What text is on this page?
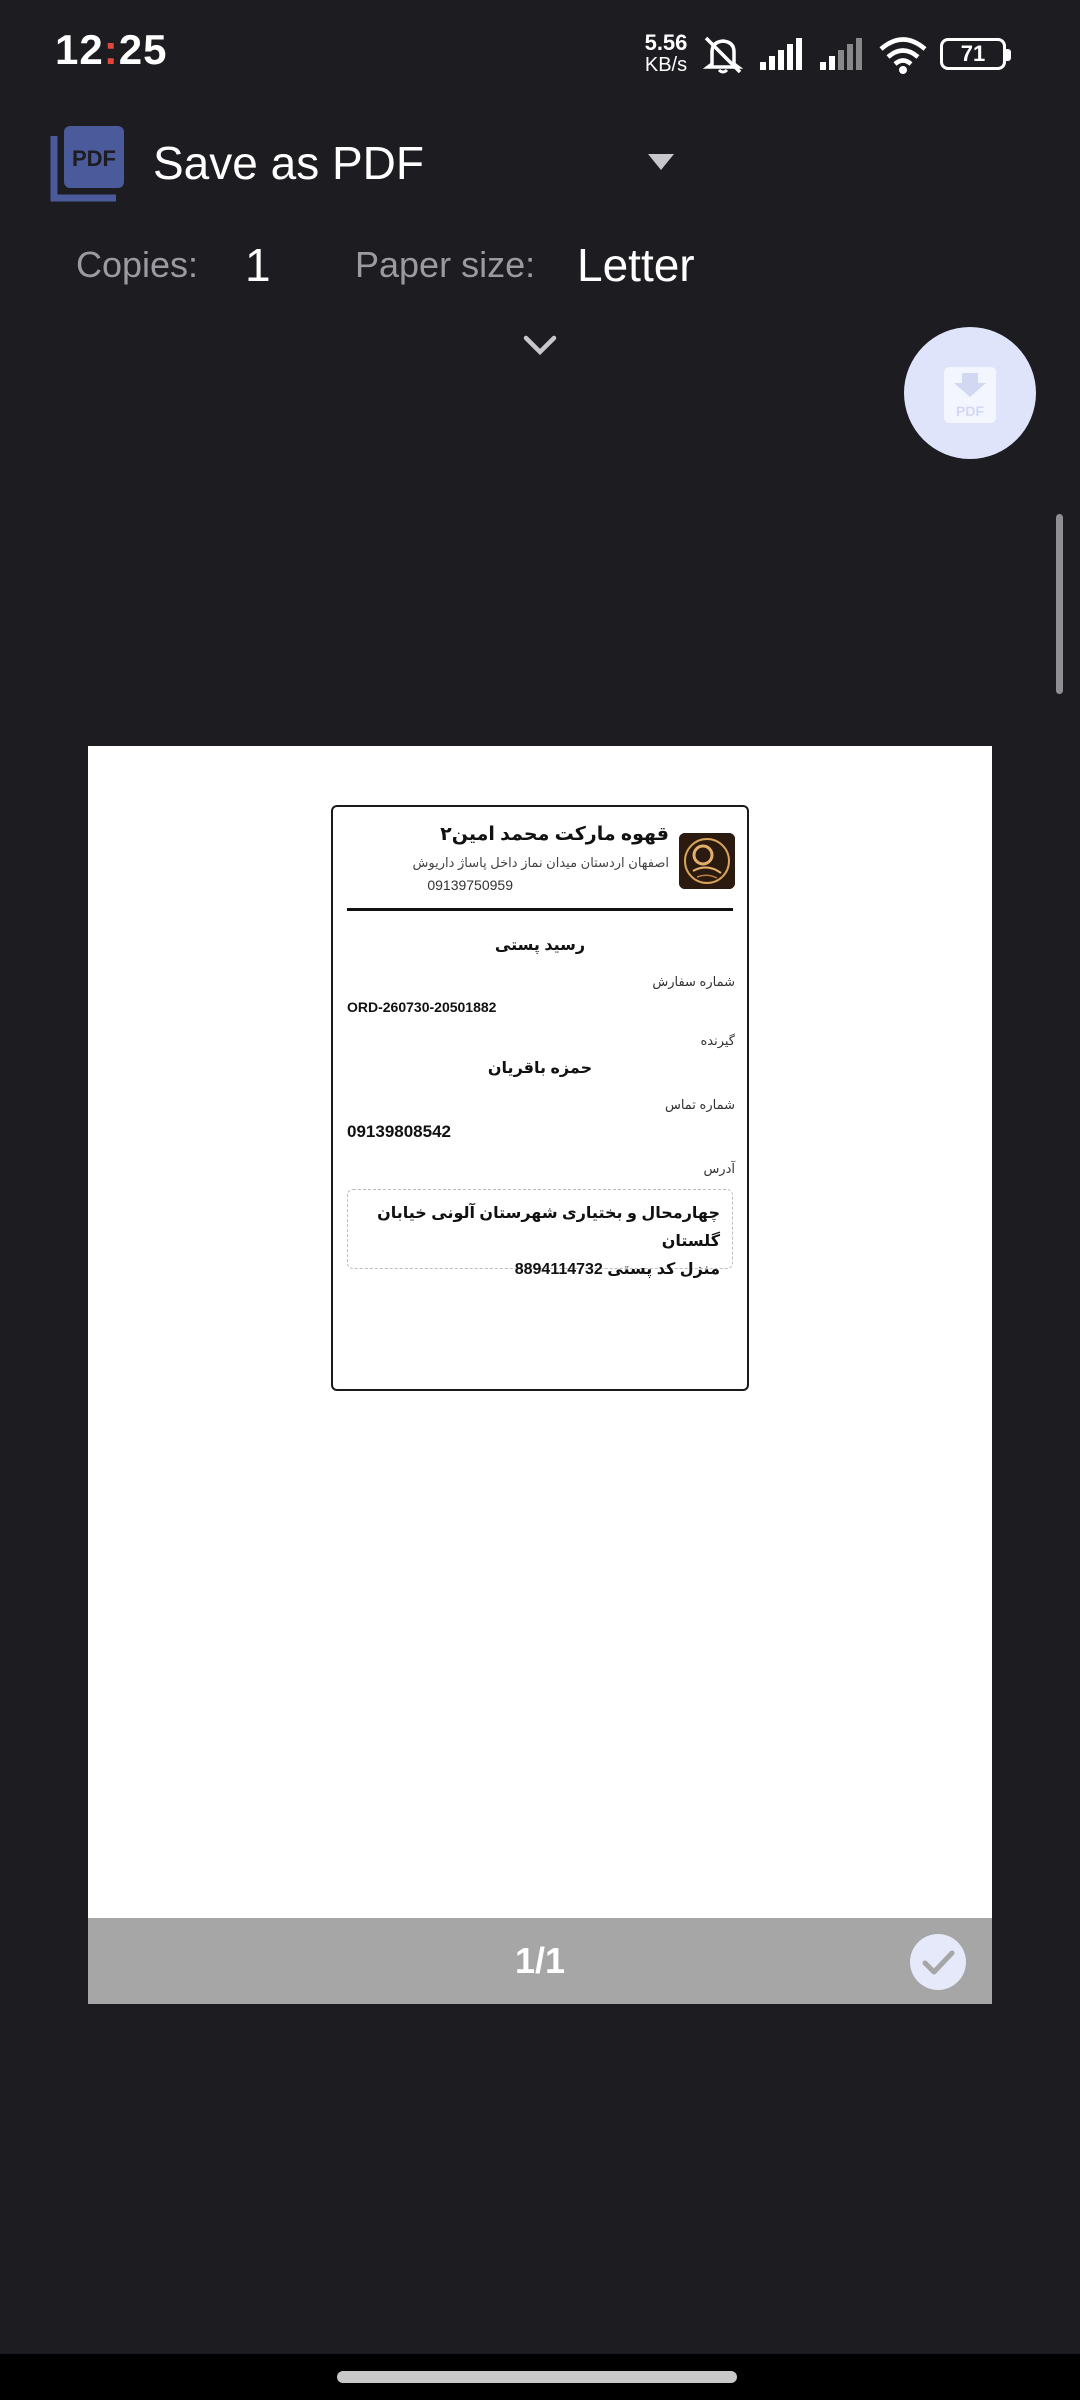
12:25	5.56
KB/s	71
PDF Save as PDF
Copies: 1 Paper size: Letter
PDF
قهوه مارکت محمد امین۲
اصفهان اردستان میدان نماز داخل پاساژ داریوش
09139750959
رسید پستی
شماره سفارش
ORD-260730-20501882
گیرنده
حمزه باقریان
شماره تماس
09139808542
آدرس
چهارمحال و بختیاری شهرستان آلونی خیابان گلستان
منزل کد پستی 8894114732
1/1
